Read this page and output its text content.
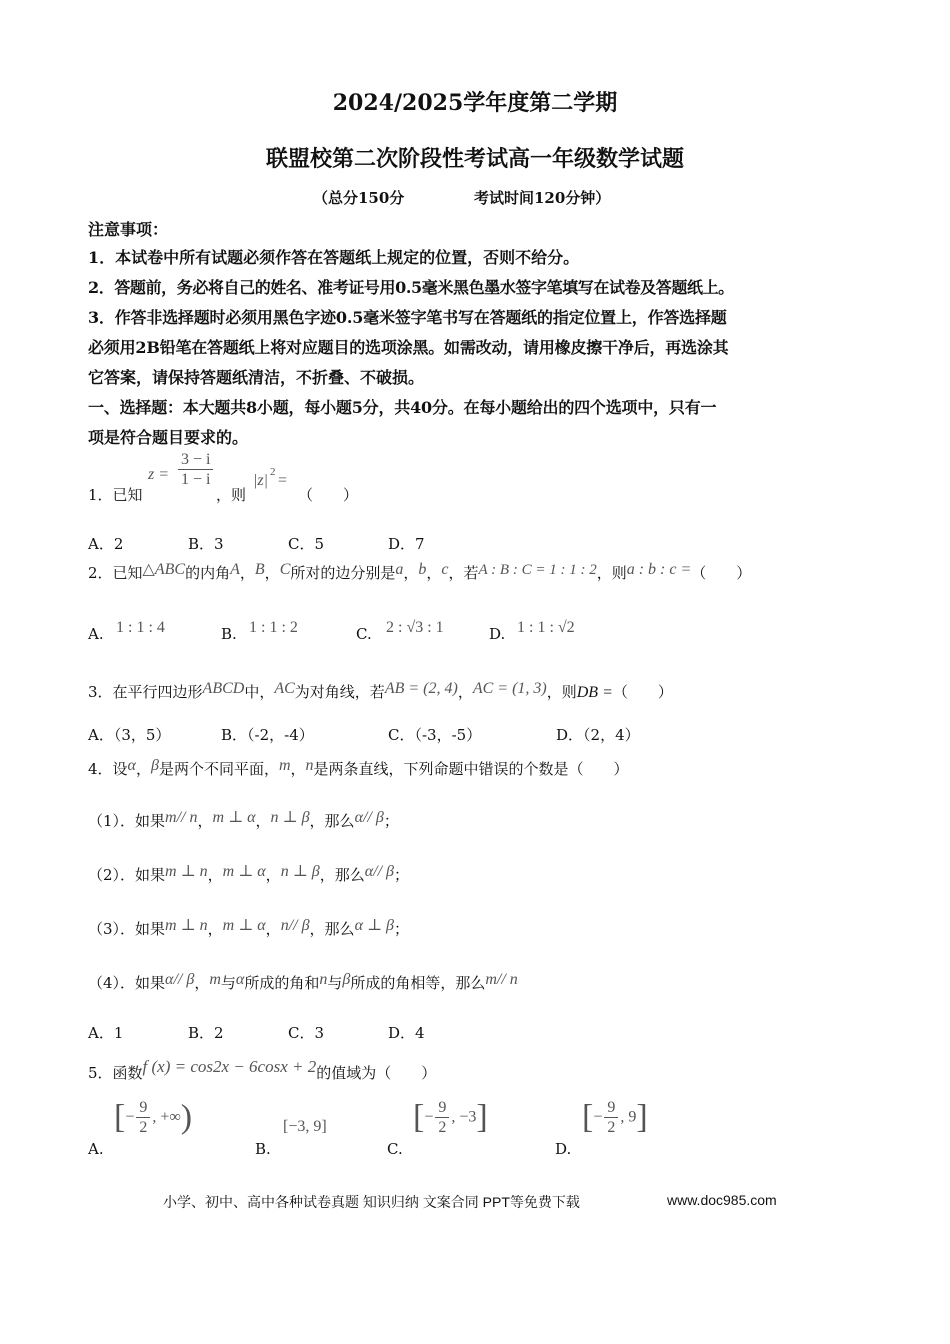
2024/2025学年度第二学期
联盟校第二次阶段性考试高一年级数学试题
（总分150分	考试时间120分钟）
注意事项：
1．本试卷中所有试题必须作答在答题纸上规定的位置，否则不给分。
2．答题前，务必将自己的姓名、准考证号用0.5毫米黑色墨水签字笔填写在试卷及答题纸上。
3．作答非选择题时必须用黑色字迹0.5毫米签字笔书写在答题纸的指定位置上，作答选择题
必须用2B铅笔在答题纸上将对应题目的选项涂黑。如需改动，请用橡皮擦干净后，再选涂其
它答案，请保持答题纸清洁，不折叠、不破损。
一、选择题：本大题共8小题，每小题5分，共40分。在每小题给出的四个选项中，只有一
项是符合题目要求的。
1．已知
$z = \frac{3 - i}{1 - i}$
，则
|z| 2 =
（　　）
A．2	B．3	C．5	D．7
2．已知△ABC的内角A，B，C所对的边分别是a，b，c，若A : B : C = 1 : 1 : 2，则a : b : c =（　　）
A. 1 : 1 : 4	B. 1 : 1 : 2	C. 2 : √3 : 1	D. 1 : 1 : √2
3．在平行四边形ABCD中，AC为对角线，若AB = (2, 4)，AC = (1, 3)，则DB =（　　）
A．（3，5）	B．（-2，-4）	C．（-3，-5）	D．（2，4）
4．设α，β是两个不同平面，m，n是两条直线，下列命题中错误的个数是（　　）
（1）．如果m// n，m ⊥ α，n ⊥ β，那么α// β；
（2）．如果m ⊥ n，m ⊥ α，n ⊥ β，那么α// β；
（3）．如果m ⊥ n，m ⊥ α，n// β，那么α ⊥ β；
（4）．如果α// β，m与α所成的角和n与β所成的角相等，那么m// n
A．1	B．2	C．3	D．4
5．函数f (x) = cos2x − 6cosx + 2的值域为（　　）
A.
[− $\frac{9}{2}$ , +∞)
B.
[−3, 9]
C.
[− $\frac{9}{2}$ , −3]
D.
[− $\frac{9}{2}$ , 9]
小学、初中、高中各种试卷真题 知识归纳 文案合同 PPT等免费下载	www.doc985.com
